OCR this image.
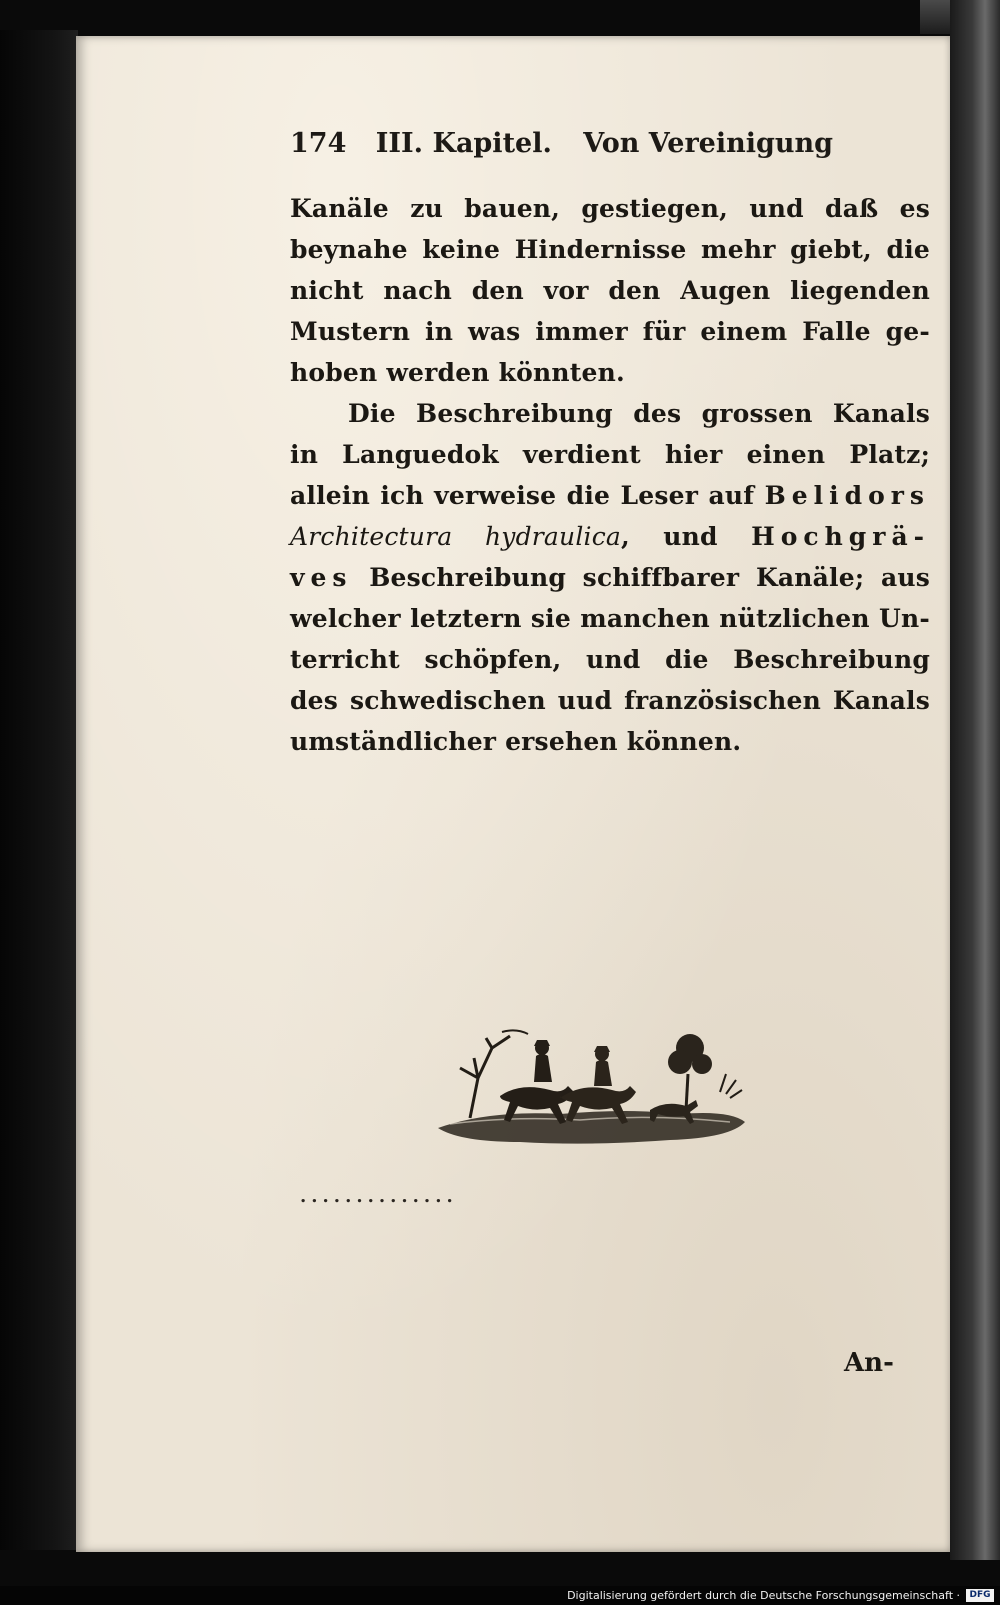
174 III. Kapitel. Von Vereinigung
Kanäle zu bauen, gestiegen, und daß es
beynahe keine Hindernisse mehr giebt, die
nicht nach den vor den Augen liegenden
Mustern in was immer für einem Falle ge-
hoben werden könnten.
Die Beschreibung des grossen Kanals
in Languedok verdient hier einen Platz;
allein ich verweise die Leser auf Belidors
Architectura hydraulica, und Hochgrä-
ves Beschreibung schiffbarer Kanäle; aus
welcher letztern sie manchen nützlichen Un-
terricht schöpfen, und die Beschreibung
des schwedischen uud französischen Kanals
umständlicher ersehen können.
..............
An-
Digitalisierung gefördert durch die Deutsche Forschungsgemeinschaft ·	DFG
